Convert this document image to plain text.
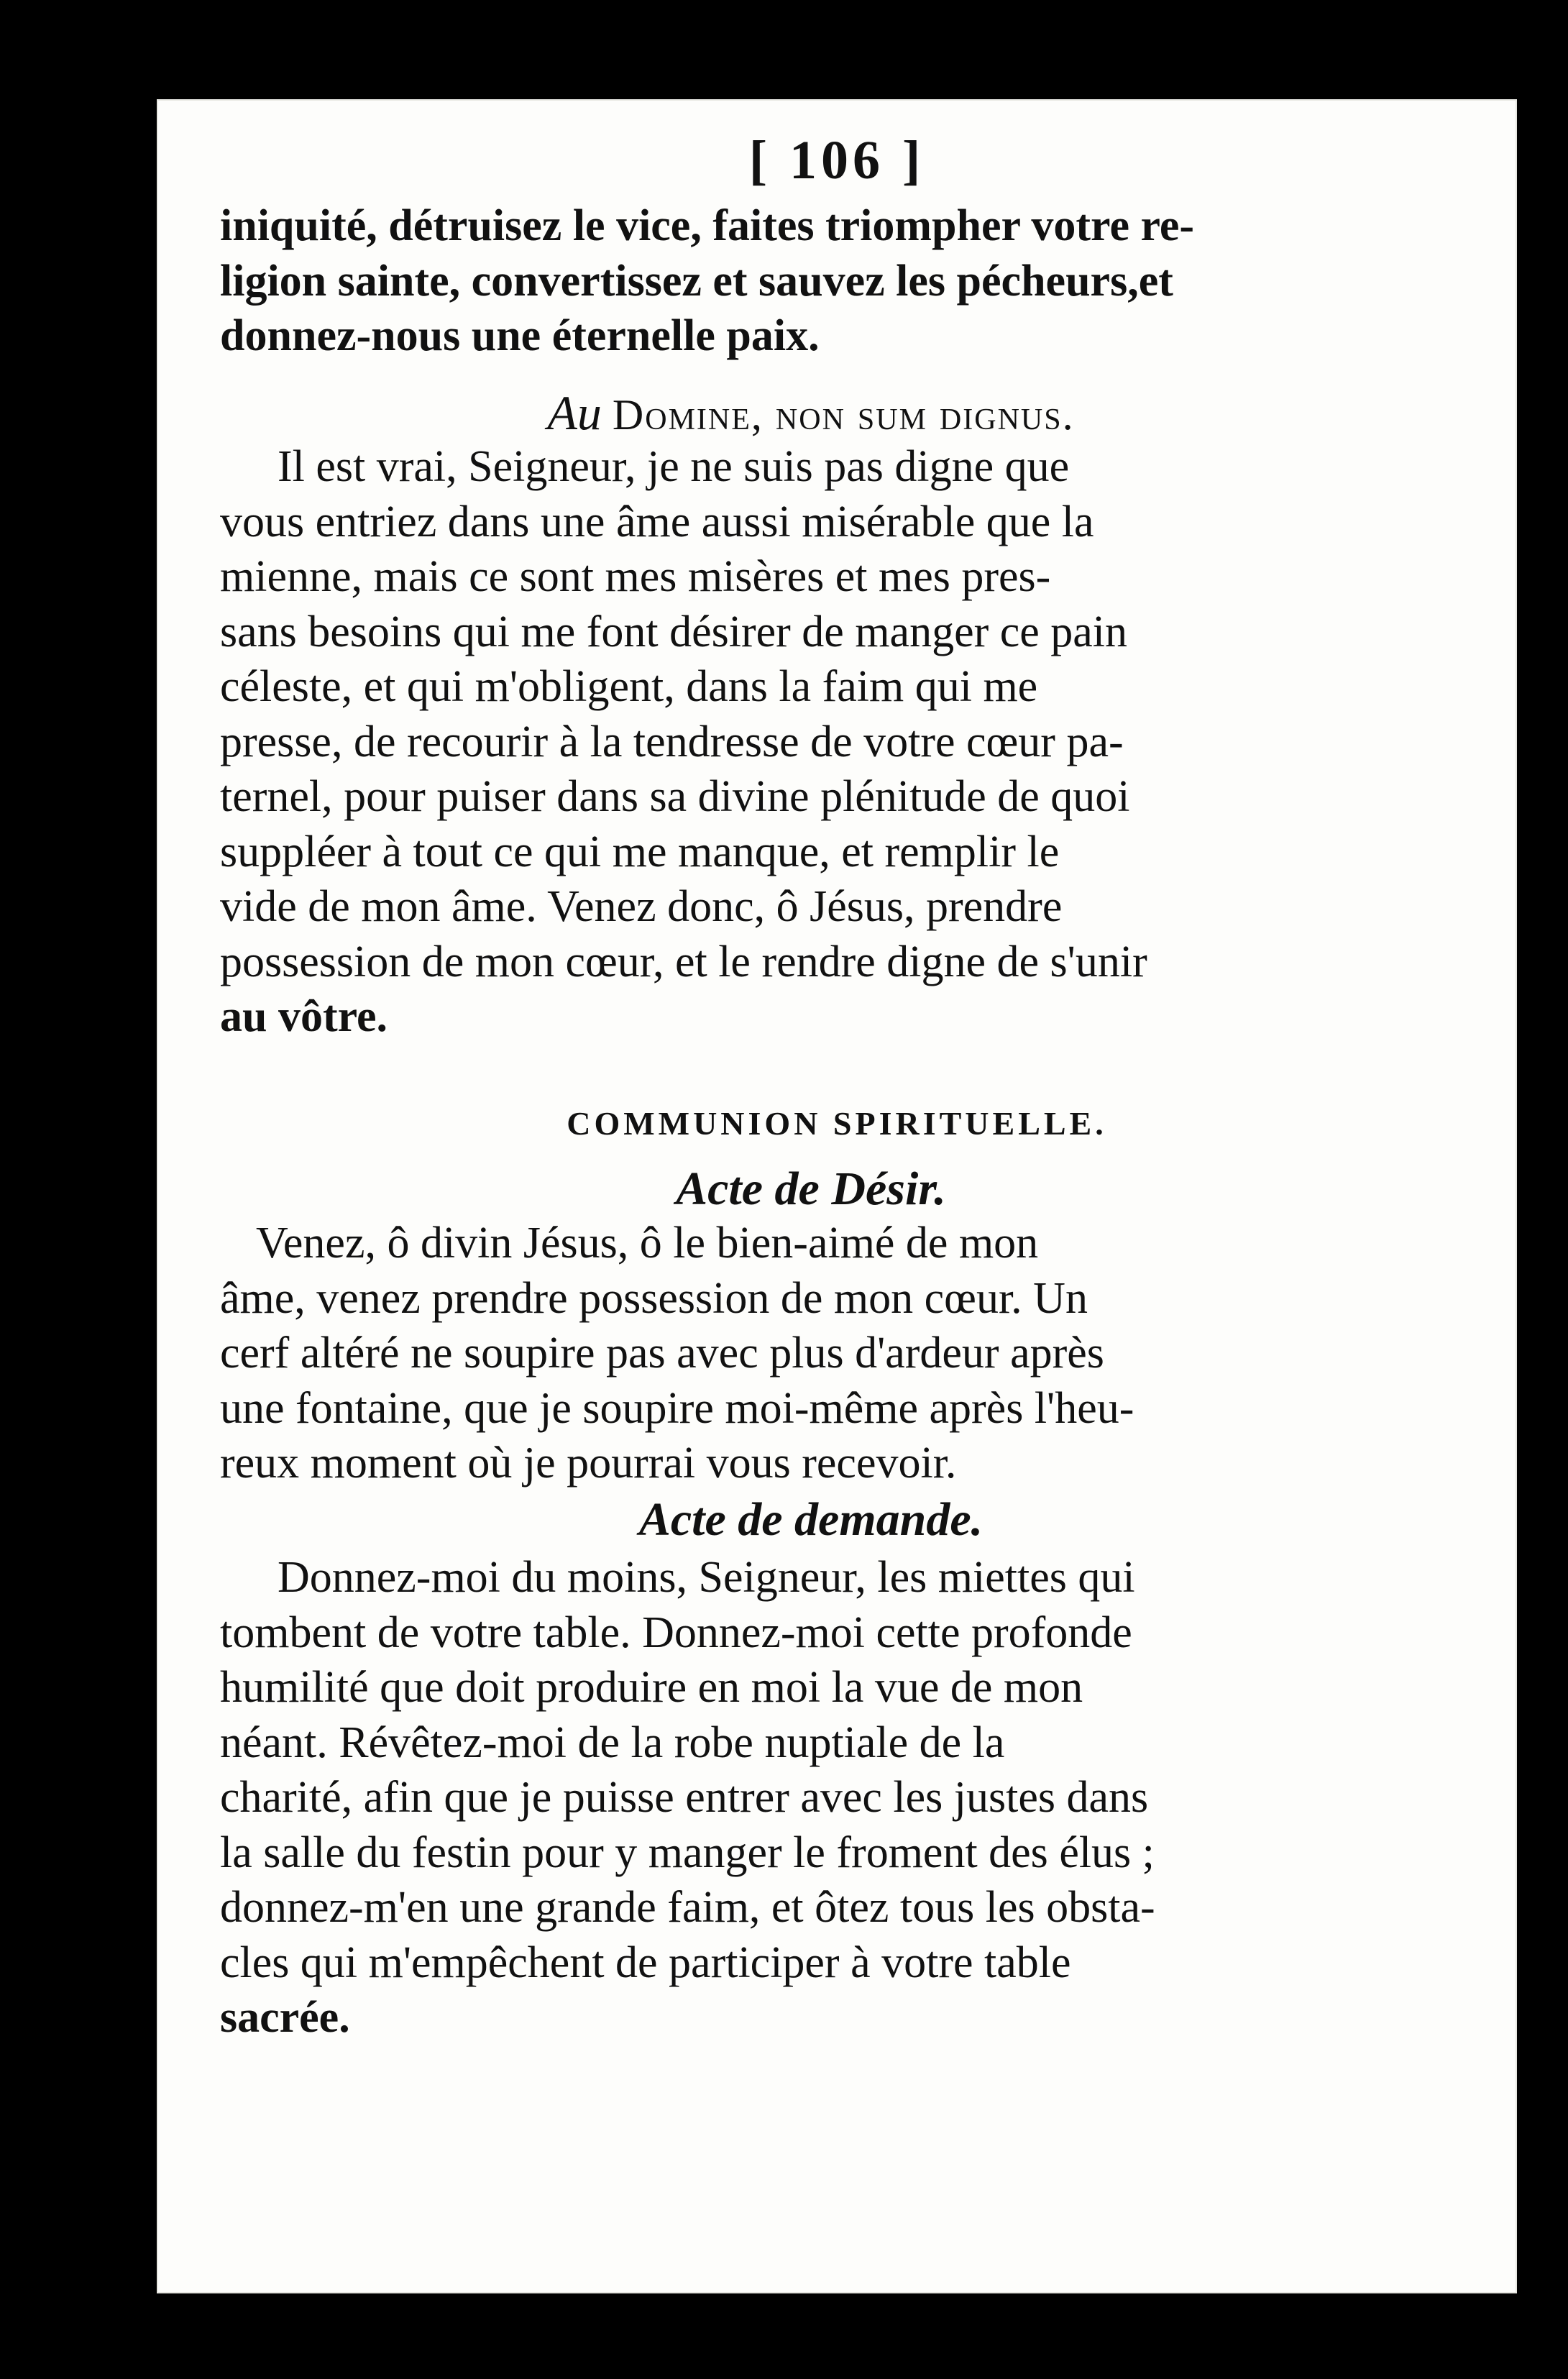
[ 106 ]
iniquité, détruisez le vice, faites triompher votre re-
ligion sainte, convertissez et sauvez les pécheurs,et
donnez-nous une éternelle paix.
Au Domine, non sum dignus.
Il est vrai, Seigneur, je ne suis pas digne que
vous entriez dans une âme aussi misérable que la
mienne, mais ce sont mes misères et mes pres-
sans besoins qui me font désirer de manger ce pain
céleste, et qui m'obligent, dans la faim qui me
presse, de recourir à la tendresse de votre cœur pa-
ternel, pour puiser dans sa divine plénitude de quoi
suppléer à tout ce qui me manque, et remplir le
vide de mon âme. Venez donc, ô Jésus, prendre
possession de mon cœur, et le rendre digne de s'unir
au vôtre.
COMMUNION SPIRITUELLE.
Acte de Désir.
Venez, ô divin Jésus, ô le bien-aimé de mon
âme, venez prendre possession de mon cœur. Un
cerf altéré ne soupire pas avec plus d'ardeur après
une fontaine, que je soupire moi-même après l'heu-
reux moment où je pourrai vous recevoir.
Acte de demande.
Donnez-moi du moins, Seigneur, les miettes qui
tombent de votre table. Donnez-moi cette profonde
humilité que doit produire en moi la vue de mon
néant. Révêtez-moi de la robe nuptiale de la
charité, afin que je puisse entrer avec les justes dans
la salle du festin pour y manger le froment des élus ;
donnez-m'en une grande faim, et ôtez tous les obsta-
cles qui m'empêchent de participer à votre table
sacrée.
